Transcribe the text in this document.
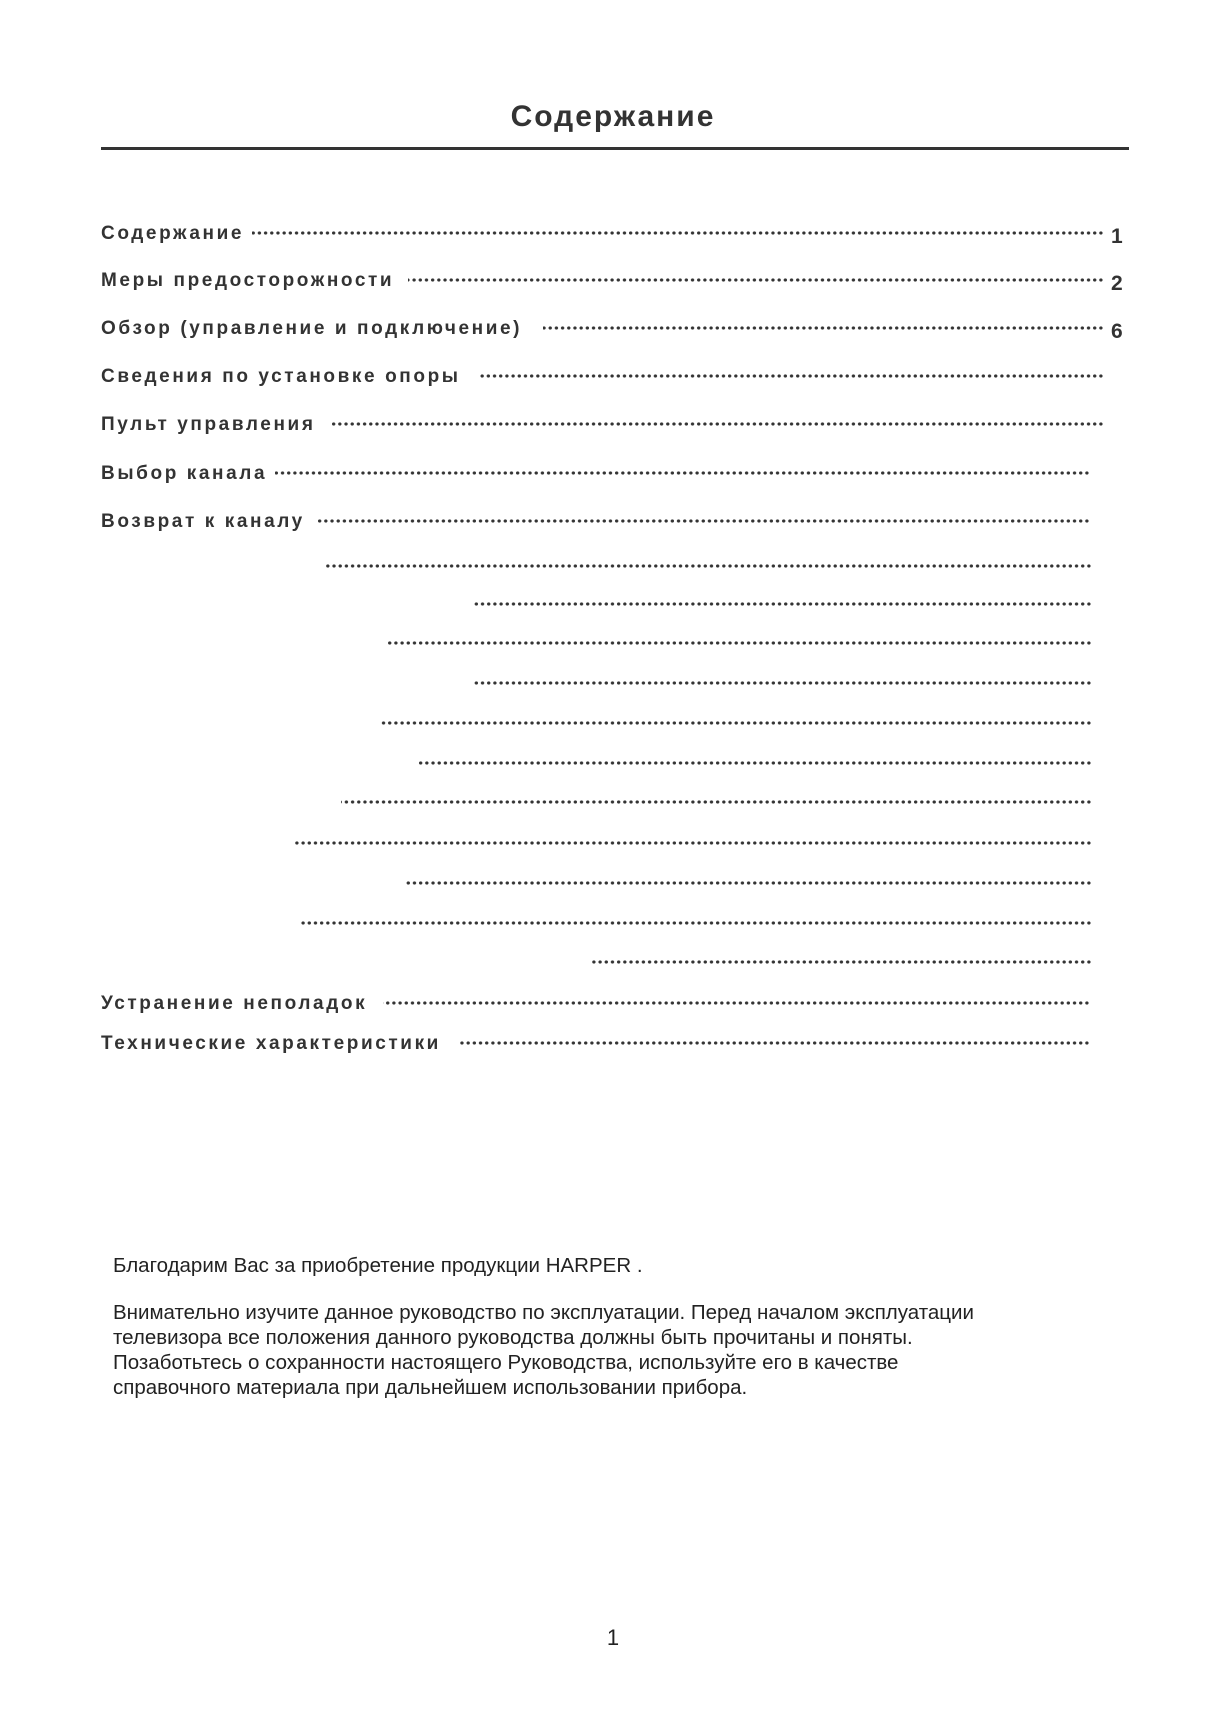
Содержание
Содержание	1
Меры предосторожности	2
Обзор (управление и подключение)	6
Сведения по установке опоры
Пульт управления
Выбор канала
Возврат к каналу
Устранение неполадок
Технические характеристики

Благодарим Вас за приобретение продукции HARPER .

Внимательно изучите данное руководство по эксплуатации. Перед началом эксплуатации
телевизора все положения данного руководства должны быть прочитаны и поняты.
Позаботьтесь о сохранности настоящего Руководства, используйте его в качестве
справочного материала при дальнейшем использовании прибора.

1
